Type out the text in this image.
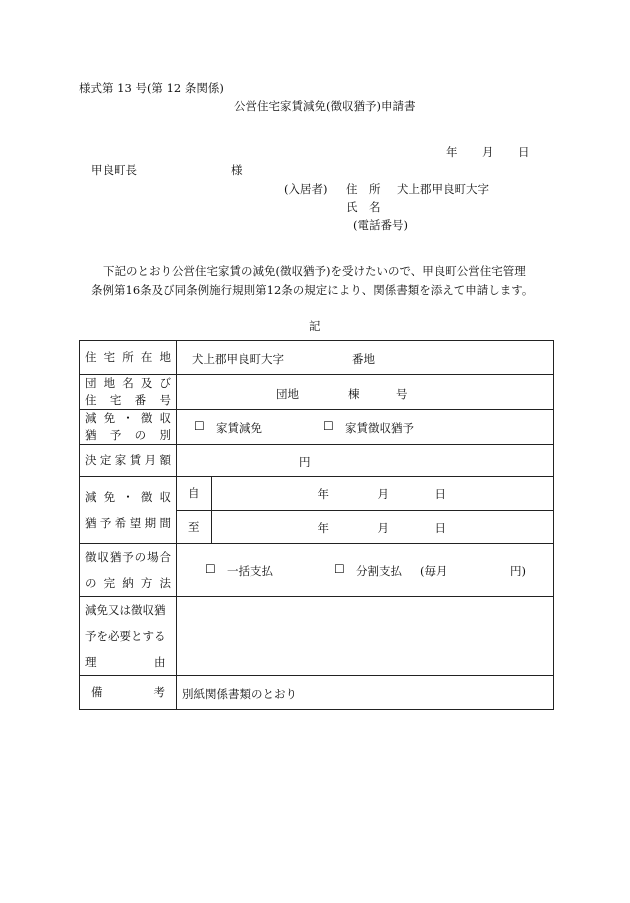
様式第 13 号(第 12 条関係)
公営住宅家賃減免(徴収猶予)申請書
年 月 日
甲良町長	様
(入居者) 住　所 犬上郡甲良町大字
氏　名
(電話番号)
下記のとおり公営住宅家賃の減免(徴収猶予)を受けたいので、甲良町公営住宅管理
条例第16条及び同条例施行規則第12条の規定により、関係書類を添えて申請します。
記
住宅所在地	犬上郡甲良町大字	番地

団地名及び
住宅番号	団地	棟	号

減免・徴収
猶予の別

☐ 家賃減免	☐ 家賃徴収猶予

決定家賃月額	円

減免・徴収
猶予希望期間

自	年	月	日

至	年	月	日

徴収猶予の場合
の完納方法

☐ 一括支払	☐ 分割支払 (毎月	円)

減免又は徴収猶
予を必要とする
理　　　　　由

備考	別紙関係書類のとおり
